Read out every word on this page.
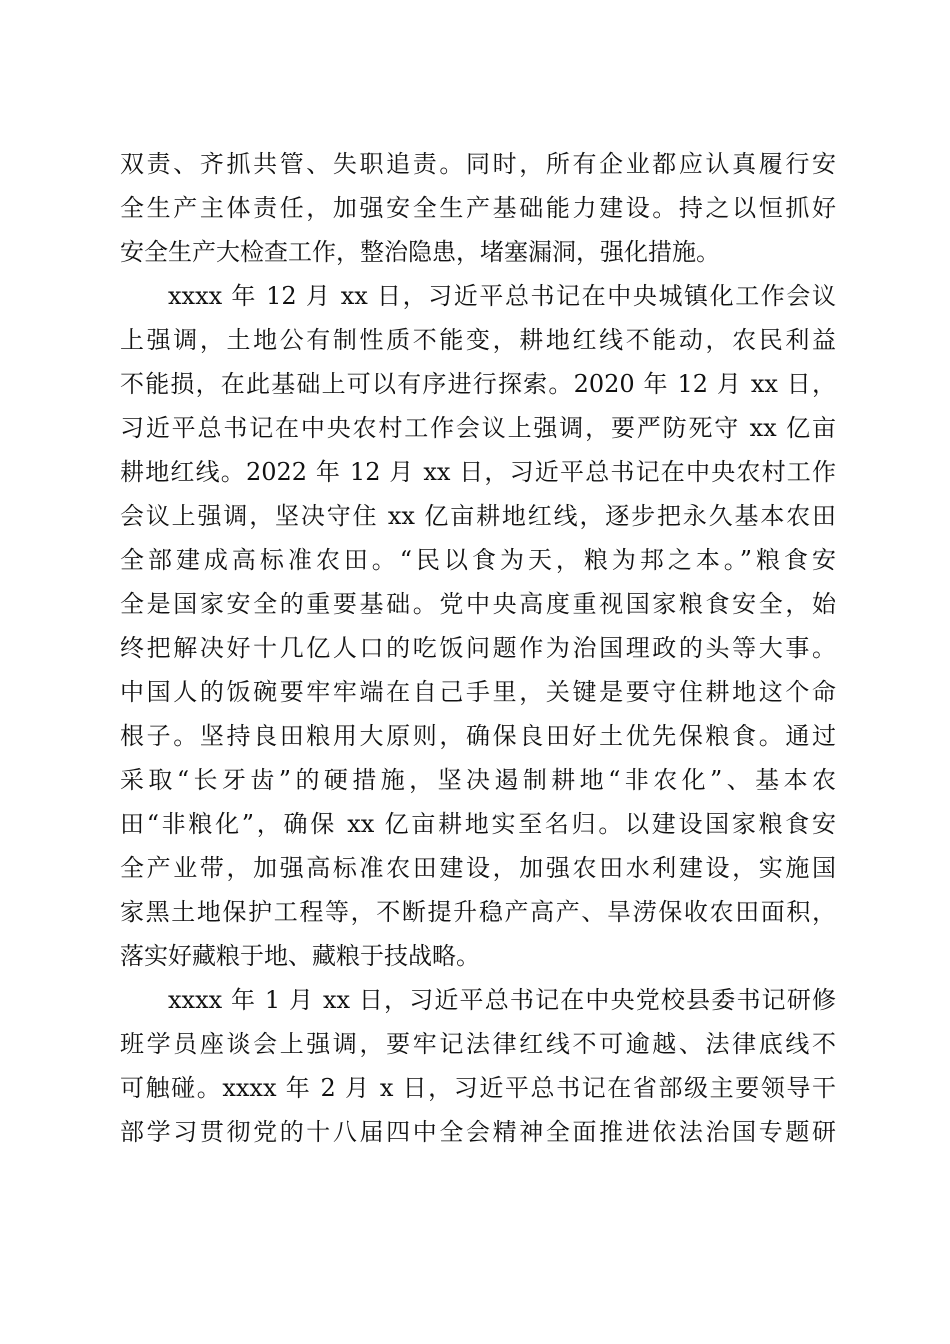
双责、齐抓共管、失职追责。同时，所有企业都应认真履行安
全生产主体责任，加强安全生产基础能力建设。持之以恒抓好
安全生产大检查工作，整治隐患，堵塞漏洞，强化措施。
xxxx 年 12 月 xx 日，习近平总书记在中央城镇化工作会议
上强调，土地公有制性质不能变，耕地红线不能动，农民利益
不能损，在此基础上可以有序进行探索。2020 年 12 月 xx 日，
习近平总书记在中央农村工作会议上强调，要严防死守 xx 亿亩
耕地红线。2022 年 12 月 xx 日，习近平总书记在中央农村工作
会议上强调，坚决守住 xx 亿亩耕地红线，逐步把永久基本农田
全部建成高标准农田。“民以食为天，粮为邦之本。”粮食安
全是国家安全的重要基础。党中央高度重视国家粮食安全，始
终把解决好十几亿人口的吃饭问题作为治国理政的头等大事。
中国人的饭碗要牢牢端在自己手里，关键是要守住耕地这个命
根子。坚持良田粮用大原则，确保良田好土优先保粮食。通过
采取“长牙齿”的硬措施，坚决遏制耕地“非农化”、基本农
田“非粮化”，确保 xx 亿亩耕地实至名归。以建设国家粮食安
全产业带，加强高标准农田建设，加强农田水利建设，实施国
家黑土地保护工程等，不断提升稳产高产、旱涝保收农田面积，
落实好藏粮于地、藏粮于技战略。
xxxx 年 1 月 xx 日，习近平总书记在中央党校县委书记研修
班学员座谈会上强调，要牢记法律红线不可逾越、法律底线不
可触碰。xxxx 年 2 月 x 日，习近平总书记在省部级主要领导干
部学习贯彻党的十八届四中全会精神全面推进依法治国专题研
